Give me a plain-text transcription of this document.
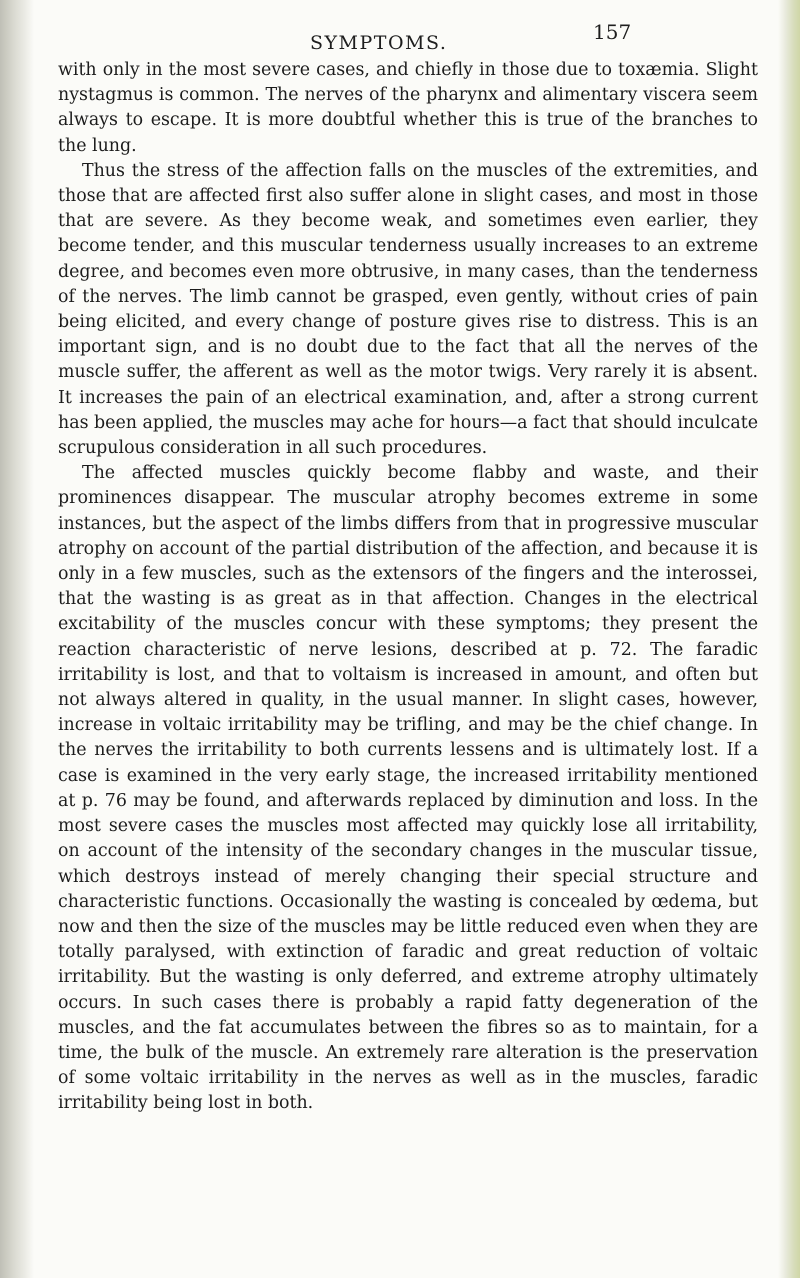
SYMPTOMS.	157

with only in the most severe cases, and chiefly in those due to toxæmia. Slight nystagmus is common. The nerves of the pharynx and alimentary viscera seem always to escape. It is more doubtful whether this is true of the branches to the lung.

Thus the stress of the affection falls on the muscles of the extremities, and those that are affected first also suffer alone in slight cases, and most in those that are severe. As they become weak, and sometimes even earlier, they become tender, and this muscular tenderness usually increases to an extreme degree, and becomes even more obtrusive, in many cases, than the tenderness of the nerves. The limb cannot be grasped, even gently, without cries of pain being elicited, and every change of posture gives rise to distress. This is an important sign, and is no doubt due to the fact that all the nerves of the muscle suffer, the afferent as well as the motor twigs. Very rarely it is absent. It increases the pain of an electrical examination, and, after a strong current has been applied, the muscles may ache for hours—a fact that should inculcate scrupulous consideration in all such procedures.

The affected muscles quickly become flabby and waste, and their prominences disappear. The muscular atrophy becomes extreme in some instances, but the aspect of the limbs differs from that in progressive muscular atrophy on account of the partial distribution of the affection, and because it is only in a few muscles, such as the extensors of the fingers and the interossei, that the wasting is as great as in that affection. Changes in the electrical excitability of the muscles concur with these symptoms; they present the reaction characteristic of nerve lesions, described at p. 72. The faradic irritability is lost, and that to voltaism is increased in amount, and often but not always altered in quality, in the usual manner. In slight cases, however, increase in voltaic irritability may be trifling, and may be the chief change. In the nerves the irritability to both currents lessens and is ultimately lost. If a case is examined in the very early stage, the increased irritability mentioned at p. 76 may be found, and afterwards replaced by diminution and loss. In the most severe cases the muscles most affected may quickly lose all irritability, on account of the intensity of the secondary changes in the muscular tissue, which destroys instead of merely changing their special structure and characteristic functions. Occasionally the wasting is concealed by œdema, but now and then the size of the muscles may be little reduced even when they are totally paralysed, with extinction of faradic and great reduction of voltaic irritability. But the wasting is only deferred, and extreme atrophy ultimately occurs. In such cases there is probably a rapid fatty degeneration of the muscles, and the fat accumulates between the fibres so as to maintain, for a time, the bulk of the muscle. An extremely rare alteration is the preservation of some voltaic irritability in the nerves as well as in the muscles, faradic irritability being lost in both.
